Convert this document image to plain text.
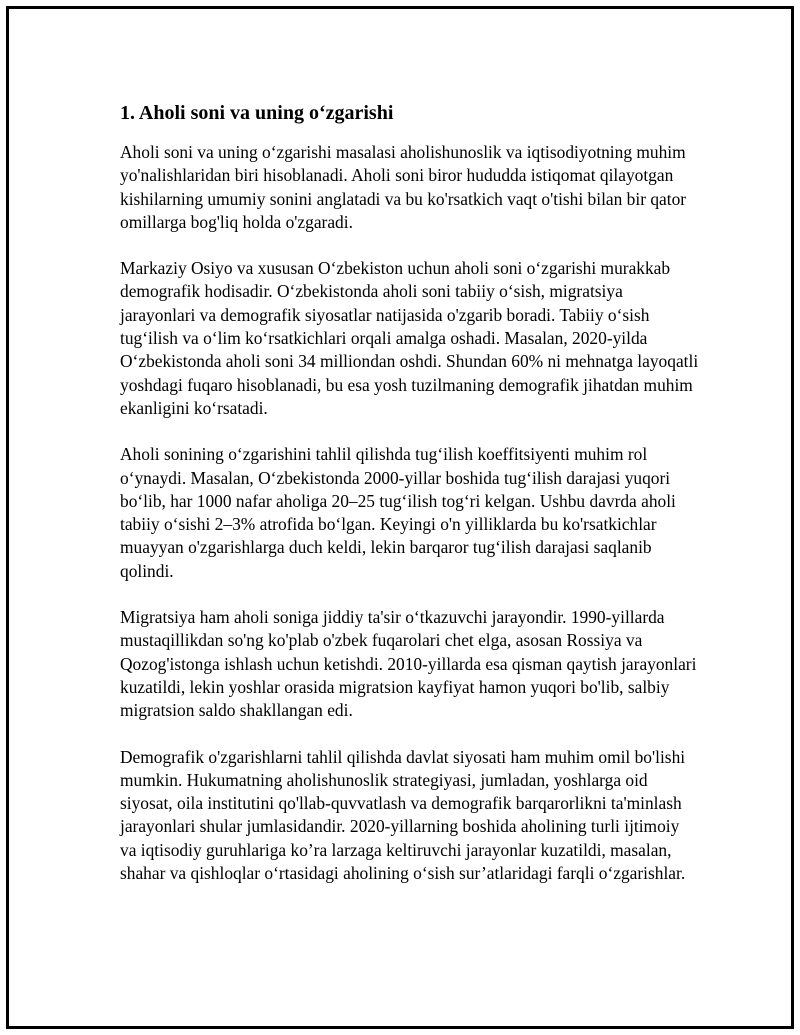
1. Aholi soni va uning o‘zgarishi

Aholi soni va uning o‘zgarishi masalasi aholishunoslik va iqtisodiyotning muhim yo'nalishlaridan biri hisoblanadi. Aholi soni biror hududda istiqomat qilayotgan kishilarning umumiy sonini anglatadi va bu ko'rsatkich vaqt o'tishi bilan bir qator omillarga bog'liq holda o'zgaradi.

Markaziy Osiyo va xususan O‘zbekiston uchun aholi soni o‘zgarishi murakkab demografik hodisadir. O‘zbekistonda aholi soni tabiiy o‘sish, migratsiya jarayonlari va demografik siyosatlar natijasida o'zgarib boradi. Tabiiy o‘sish tug‘ilish va o‘lim ko‘rsatkichlari orqali amalga oshadi. Masalan, 2020-yilda O‘zbekistonda aholi soni 34 milliondan oshdi. Shundan 60% ni mehnatga layoqatli yoshdagi fuqaro hisoblanadi, bu esa yosh tuzilmaning demografik jihatdan muhim ekanligini ko‘rsatadi.

Aholi sonining o‘zgarishini tahlil qilishda tug‘ilish koeffitsiyenti muhim rol o‘ynaydi. Masalan, O‘zbekistonda 2000-yillar boshida tug‘ilish darajasi yuqori bo‘lib, har 1000 nafar aholiga 20–25 tug‘ilish tog‘ri kelgan. Ushbu davrda aholi tabiiy o‘sishi 2–3% atrofida bo‘lgan. Keyingi o'n yilliklarda bu ko'rsatkichlar muayyan o'zgarishlarga duch keldi, lekin barqaror tug‘ilish darajasi saqlanib qolindi.

Migratsiya ham aholi soniga jiddiy ta'sir o‘tkazuvchi jarayondir. 1990-yillarda mustaqillikdan so'ng ko'plab o'zbek fuqarolari chet elga, asosan Rossiya va Qozog'istonga ishlash uchun ketishdi. 2010-yillarda esa qisman qaytish jarayonlari kuzatildi, lekin yoshlar orasida migratsion kayfiyat hamon yuqori bo'lib, salbiy migratsion saldo shakllangan edi.

Demografik o'zgarishlarni tahlil qilishda davlat siyosati ham muhim omil bo'lishi mumkin. Hukumatning aholishunoslik strategiyasi, jumladan, yoshlarga oid siyosat, oila institutini qo'llab-quvvatlash va demografik barqarorlikni ta'minlash jarayonlari shular jumlasidandir. 2020-yillarning boshida aholining turli ijtimoiy va iqtisodiy guruhlariga ko’ra larzaga keltiruvchi jarayonlar kuzatildi, masalan, shahar va qishloqlar o‘rtasidagi aholining o‘sish sur’atlaridagi farqli o‘zgarishlar.
